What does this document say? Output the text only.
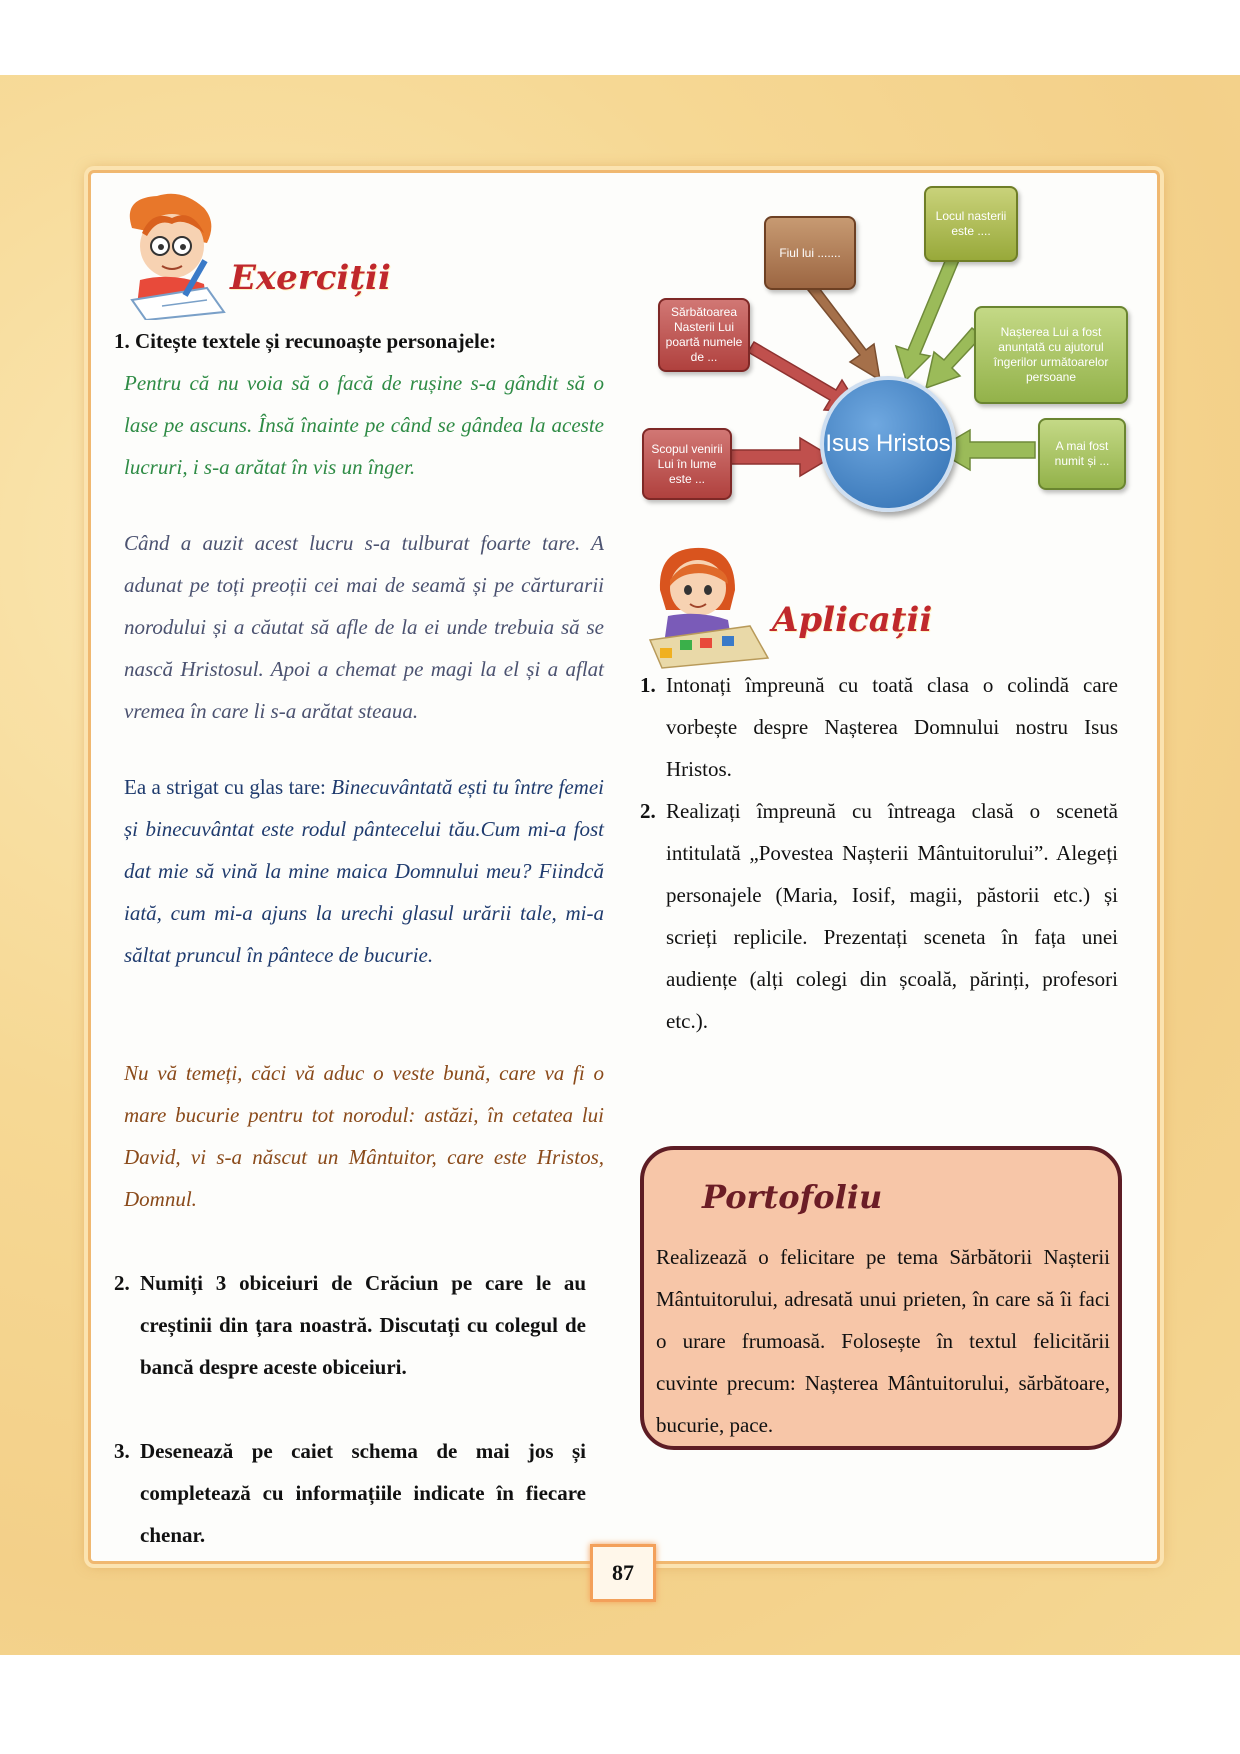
Exerciții
1. Citește textele și recunoaște personajele:
Pentru că nu voia să o facă de rușine s-a gândit să o lase pe ascuns. Însă înainte pe când se gândea la aceste lucruri, i s-a arătat în vis un înger.
Când a auzit acest lucru s-a tulburat foarte tare. A adunat pe toți preoții cei mai de seamă și pe cărturarii norodului și a căutat să afle de la ei unde trebuia să se nască Hristosul. Apoi a chemat pe magi la el și a aflat vremea în care li s-a arătat steaua.
Ea a strigat cu glas tare: Binecuvântată ești tu între femei și binecuvântat este rodul pântecelui tău.Cum mi-a fost dat mie să vină la mine maica Domnului meu? Fiindcă iată, cum mi-a ajuns la urechi glasul urării tale, mi-a săltat pruncul în pântece de bucurie.
Nu vă temeți, căci vă aduc o veste bună, care va fi o mare bucurie pentru tot norodul: astăzi, în cetatea lui David, vi s-a născut un Mântuitor, care este Hristos, Domnul.
2. Numiți 3 obiceiuri de Crăciun pe care le au creștinii din țara noastră. Discutați cu colegul de bancă despre aceste obiceiuri.
3. Desenează pe caiet schema de mai jos și completează cu informațiile indicate în fiecare chenar.
Isus Hristos
Fiul lui .......
Locul nasterii este ....
Sărbătoarea Nasterii Lui poartă numele de ...
Nașterea Lui a fost anunțată cu ajutorul îngerilor următoarelor persoane
Scopul venirii Lui în lume este ...
A mai fost numit și ...
Aplicații
1. Intonați împreună cu toată clasa o colindă care vorbește despre Nașterea Domnului nostru Isus Hristos.
2. Realizați împreună cu întreaga clasă o scenetă intitulată „Povestea Nașterii Mântuitorului”. Alegeți personajele (Maria, Iosif, magii, păstorii etc.) și scrieți replicile. Prezentați sceneta în fața unei audiențe (alți colegi din școală, părinți, profesori etc.).
Portofoliu
Realizează o felicitare pe tema Sărbătorii Nașterii Mântuitorului, adresată unui prieten, în care să îi faci o urare frumoasă. Folosește în textul felicitării cuvinte precum: Nașterea Mântuitorului, sărbătoare, bucurie, pace.
87
